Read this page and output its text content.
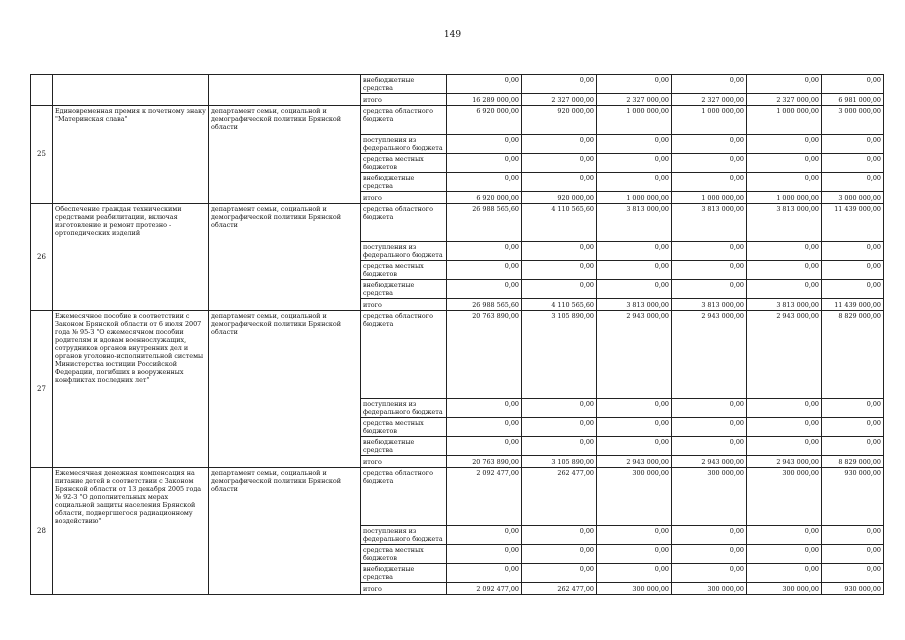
149
			внебюджетные средства	0,00	0,00	0,00	0,00	0,00	0,00
			итого	16 289 000,00	2 327 000,00	2 327 000,00	2 327 000,00	2 327 000,00	6 981 000,00
25	Единовременная премия к почетному знаку "Материнская слава"	департамент семьи, социальной и демографической политики Брянской области	средства областного бюджета	6 920 000,00	920 000,00	1 000 000,00	1 000 000,00	1 000 000,00	3 000 000,00
			поступления из федерального бюджета	0,00	0,00	0,00	0,00	0,00	0,00
			средства местных бюджетов	0,00	0,00	0,00	0,00	0,00	0,00
			внебюджетные средства	0,00	0,00	0,00	0,00	0,00	0,00
			итого	6 920 000,00	920 000,00	1 000 000,00	1 000 000,00	1 000 000,00	3 000 000,00
26	Обеспечение граждан техническими средствами реабилитации, включая изготовление и ремонт протезно - ортопедических изделий	департамент семьи, социальной и демографической политики Брянской области	средства областного бюджета	26 988 565,60	4 110 565,60	3 813 000,00	3 813 000,00	3 813 000,00	11 439 000,00
			поступления из федерального бюджета	0,00	0,00	0,00	0,00	0,00	0,00
			средства местных бюджетов	0,00	0,00	0,00	0,00	0,00	0,00
			внебюджетные средства	0,00	0,00	0,00	0,00	0,00	0,00
			итого	26 988 565,60	4 110 565,60	3 813 000,00	3 813 000,00	3 813 000,00	11 439 000,00
27	Ежемесячное пособие в соответствии с Законом Брянской области от 6 июля 2007 года № 95-З "О ежемесячном пособии родителям и вдовам военнослужащих, сотрудников органов внутренних дел и органов уголовно-исполнительной системы Министерства юстиции Российской Федерации, погибших в вооруженных конфликтах последних лет"	департамент семьи, социальной и демографической политики Брянской области	средства областного бюджета	20 763 890,00	3 105 890,00	2 943 000,00	2 943 000,00	2 943 000,00	8 829 000,00
			поступления из федерального бюджета	0,00	0,00	0,00	0,00	0,00	0,00
			средства местных бюджетов	0,00	0,00	0,00	0,00	0,00	0,00
			внебюджетные средства	0,00	0,00	0,00	0,00	0,00	0,00
			итого	20 763 890,00	3 105 890,00	2 943 000,00	2 943 000,00	2 943 000,00	8 829 000,00
28	Ежемесячная денежная компенсация на питание детей в соответствии с Законом Брянской области от 13 декабря 2005 года № 92-З "О дополнительных мерах социальной защиты населения Брянской области, подвергшегося радиационному воздействию"	департамент семьи, социальной и демографической политики Брянской области	средства областного бюджета	2 092 477,00	262 477,00	300 000,00	300 000,00	300 000,00	930 000,00
			поступления из федерального бюджета	0,00	0,00	0,00	0,00	0,00	0,00
			средства местных бюджетов	0,00	0,00	0,00	0,00	0,00	0,00
			внебюджетные средства	0,00	0,00	0,00	0,00	0,00	0,00
			итого	2 092 477,00	262 477,00	300 000,00	300 000,00	300 000,00	930 000,00
